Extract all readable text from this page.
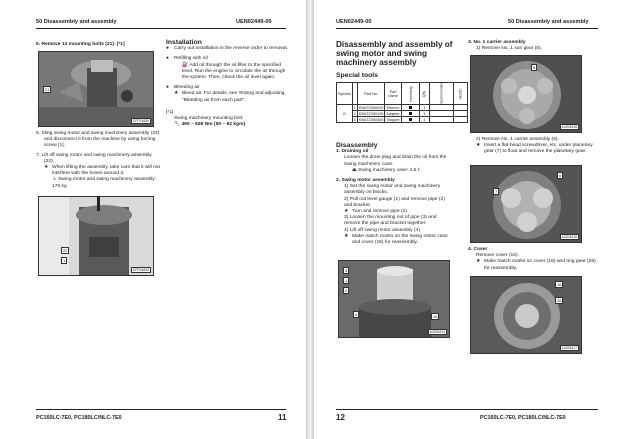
50 Disassembly and assembly	UEN02449-00

5. Remove 13 mounting bolts (21). [*1]

21
CFP14839

6. Sling swing motor and swing machinery assembly (22) and disconnect it from the machine by using forcing screw [1].

7. Lift off swing motor and swing machinery assembly (22).

★ When lifting the assembly, take care that it will not interfere with the hoses around it.

⏚ Swing motor and swing machinery assembly: 170 kg

22
1
CFP14840

Installation

● Carry out installation in the reverse order to removal.

● Refilling with oil

⛽ Add oil through the oil filler to the specified level. Run the engine to circulate the oil through the system. Then, check the oil level again.

● Bleeding air

★ Bleed air. For details, see Testing and adjusting, "Bleeding air from each part".

[*1]

Swing machinery mounting bolt:

🔧 490 – 608 Nm {50 – 62 kgm}

PC160LC-7E0, PC180LC/NLC-7E0	11
UEN02449-00	50 Disassembly and assembly

Disassembly and assembly of swing motor and swing machinery assembly

Special tools

Symbol		Part No.	Part name	Necessity	Q'ty	New/remodel	Sketch
G	1	KBATZ060000	Wrench		1		
	2	KBATZ030190	Adapter		1		
	3	KBATZ060400	Stopper		1		

Disassembly

1. Draining oil

Loosen the drain plug and drain the oil from the swing machinery case.

⏏ Swing machinery case: 4.5 ℓ

2. Swing motor assembly

1) Set the swing motor and swing machinery assembly on blocks.

2) Pull out level gauge (1) and remove pipe (2) and bracket.

★ Turn and remove pipe (2).

3) Loosen the mounting nut of pipe (3) and remove the pipe and bracket together.

4) Lift off swing motor assembly (4).

★ Make match marks on the swing motor case and cover (16) for reassembly.

3
1
2
4	16
AJZ06414

3. No. 1 carrier assembly

1) Remove No. 1 sun gear (5).

5
AJZ06415

2) Remove No. 1 carrier assembly (6).

★ Insert a flat-head screwdriver, etc. under planetary gear (7) to float and remove the planetary gear.

6
7
AJZ06416

4. Cover

Remove cover (16).

★ Make match marks on cover (16) and ring gear (26) for reassembly.

16
26
AJZ06417
12	PC160LC-7E0, PC180LC/NLC-7E0
